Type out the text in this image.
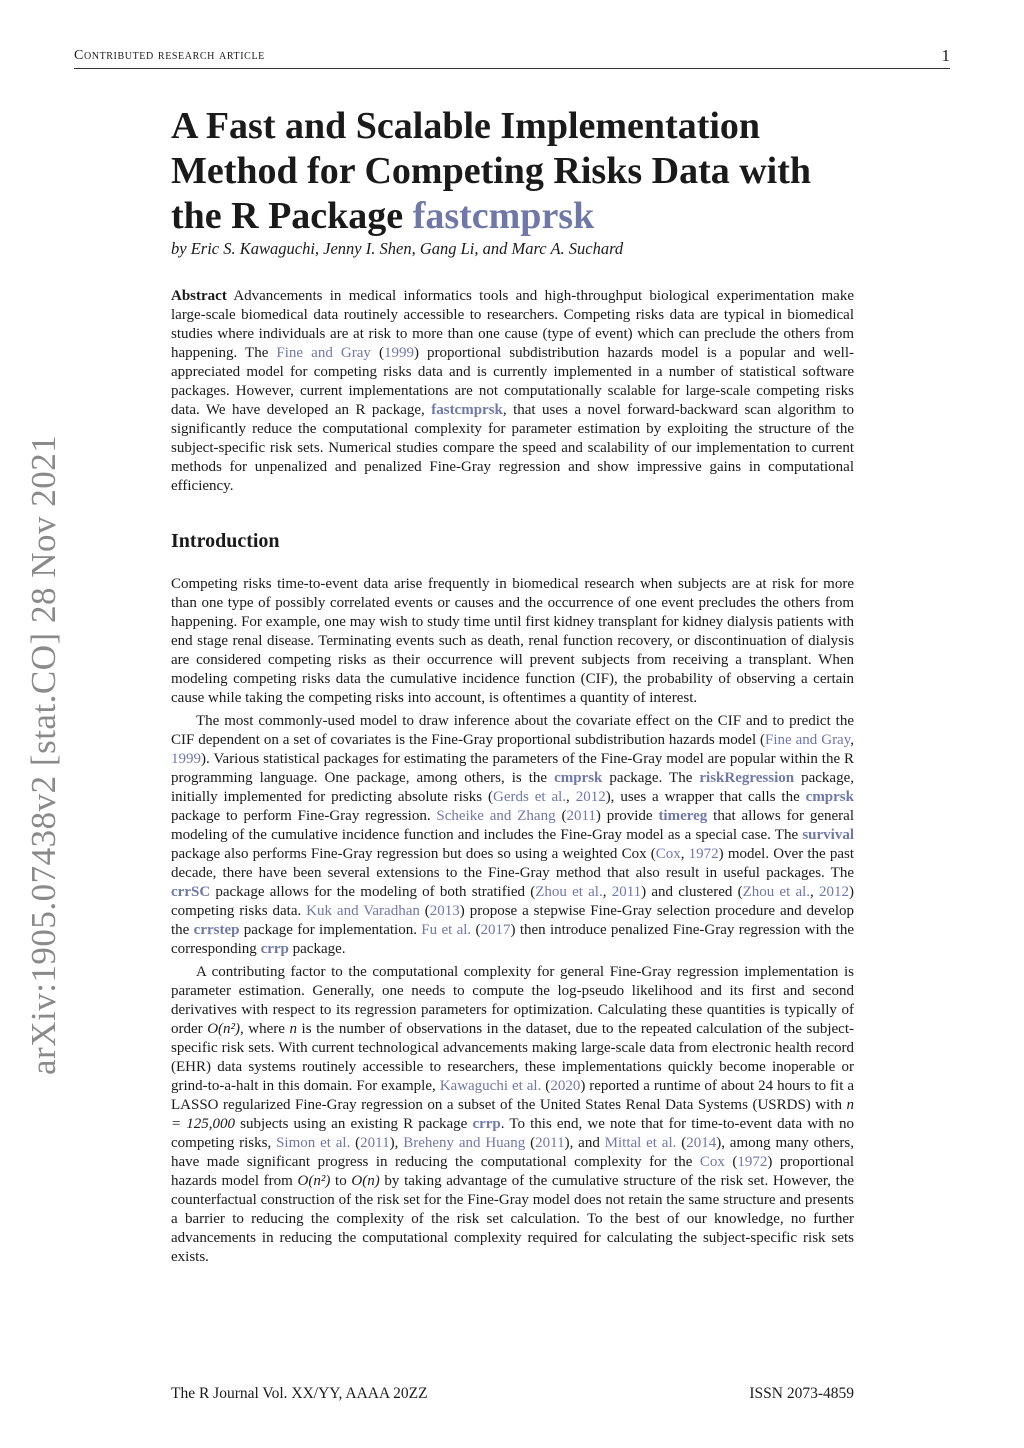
Contributed research article	1
arXiv:1905.07438v2 [stat.CO] 28 Nov 2021
A Fast and Scalable Implementation
Method for Competing Risks Data with
the R Package fastcmprsk
by Eric S. Kawaguchi, Jenny I. Shen, Gang Li, and Marc A. Suchard
Abstract Advancements in medical informatics tools and high-throughput biological experimentation make large-scale biomedical data routinely accessible to researchers. Competing risks data are typical in biomedical studies where individuals are at risk to more than one cause (type of event) which can preclude the others from happening. The Fine and Gray (1999) proportional subdistribution hazards model is a popular and well-appreciated model for competing risks data and is currently implemented in a number of statistical software packages. However, current implementations are not computationally scalable for large-scale competing risks data. We have developed an R package, fastcmprsk, that uses a novel forward-backward scan algorithm to significantly reduce the computational complexity for parameter estimation by exploiting the structure of the subject-specific risk sets. Numerical studies compare the speed and scalability of our implementation to current methods for unpenalized and penalized Fine-Gray regression and show impressive gains in computational efficiency.
Introduction

Competing risks time-to-event data arise frequently in biomedical research when subjects are at risk for more than one type of possibly correlated events or causes and the occurrence of one event precludes the others from happening. For example, one may wish to study time until first kidney transplant for kidney dialysis patients with end stage renal disease. Terminating events such as death, renal function recovery, or discontinuation of dialysis are considered competing risks as their occurrence will prevent subjects from receiving a transplant. When modeling competing risks data the cumulative incidence function (CIF), the probability of observing a certain cause while taking the competing risks into account, is oftentimes a quantity of interest.

The most commonly-used model to draw inference about the covariate effect on the CIF and to predict the CIF dependent on a set of covariates is the Fine-Gray proportional subdistribution hazards model (Fine and Gray, 1999). Various statistical packages for estimating the parameters of the Fine-Gray model are popular within the R programming language. One package, among others, is the cmprsk package. The riskRegression package, initially implemented for predicting absolute risks (Gerds et al., 2012), uses a wrapper that calls the cmprsk package to perform Fine-Gray regression. Scheike and Zhang (2011) provide timereg that allows for general modeling of the cumulative incidence function and includes the Fine-Gray model as a special case. The survival package also performs Fine-Gray regression but does so using a weighted Cox (Cox, 1972) model. Over the past decade, there have been several extensions to the Fine-Gray method that also result in useful packages. The crrSC package allows for the modeling of both stratified (Zhou et al., 2011) and clustered (Zhou et al., 2012) competing risks data. Kuk and Varadhan (2013) propose a stepwise Fine-Gray selection procedure and develop the crrstep package for implementation. Fu et al. (2017) then introduce penalized Fine-Gray regression with the corresponding crrp package.

A contributing factor to the computational complexity for general Fine-Gray regression implementation is parameter estimation. Generally, one needs to compute the log-pseudo likelihood and its first and second derivatives with respect to its regression parameters for optimization. Calculating these quantities is typically of order O(n²), where n is the number of observations in the dataset, due to the repeated calculation of the subject-specific risk sets. With current technological advancements making large-scale data from electronic health record (EHR) data systems routinely accessible to researchers, these implementations quickly become inoperable or grind-to-a-halt in this domain. For example, Kawaguchi et al. (2020) reported a runtime of about 24 hours to fit a LASSO regularized Fine-Gray regression on a subset of the United States Renal Data Systems (USRDS) with n = 125,000 subjects using an existing R package crrp. To this end, we note that for time-to-event data with no competing risks, Simon et al. (2011), Breheny and Huang (2011), and Mittal et al. (2014), among many others, have made significant progress in reducing the computational complexity for the Cox (1972) proportional hazards model from O(n²) to O(n) by taking advantage of the cumulative structure of the risk set. However, the counterfactual construction of the risk set for the Fine-Gray model does not retain the same structure and presents a barrier to reducing the complexity of the risk set calculation. To the best of our knowledge, no further advancements in reducing the computational complexity required for calculating the subject-specific risk sets exists.

The R Journal Vol. XX/YY, AAAA 20ZZ	ISSN 2073-4859
